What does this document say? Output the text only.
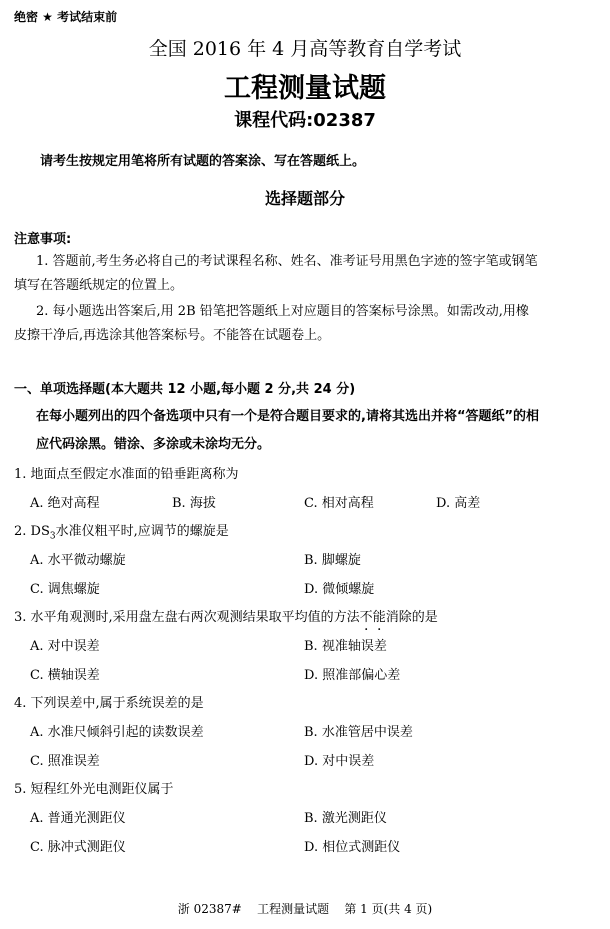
绝密 ★ 考试结束前
全国 2016 年 4 月高等教育自学考试
工程测量试题
课程代码:02387
请考生按规定用笔将所有试题的答案涂、写在答题纸上。
选择题部分
注意事项:
1. 答题前,考生务必将自己的考试课程名称、姓名、准考证号用黑色字迹的签字笔或钢笔
填写在答题纸规定的位置上。
2. 每小题选出答案后,用 2B 铅笔把答题纸上对应题目的答案标号涂黑。如需改动,用橡
皮擦干净后,再选涂其他答案标号。不能答在试题卷上。
一、单项选择题(本大题共 12 小题,每小题 2 分,共 24 分)
在每小题列出的四个备选项中只有一个是符合题目要求的,请将其选出并将“答题纸”的相
应代码涂黑。错涂、多涂或未涂均无分。
1. 地面点至假定水准面的铅垂距离称为
A. 绝对高程	B. 海拔	C. 相对高程	D. 高差
2. $DS_3$水准仪粗平时,应调节的螺旋是
A. 水平微动螺旋	B. 脚螺旋
C. 调焦螺旋	D. 微倾螺旋
3. 水平角观测时,采用盘左盘右两次观测结果取平均值的方法不能消除的是
A. 对中误差	B. 视准轴误差
C. 横轴误差	D. 照准部偏心差
4. 下列误差中,属于系统误差的是
A. 水准尺倾斜引起的读数误差	B. 水准管居中误差
C. 照准误差	D. 对中误差
5. 短程红外光电测距仪属于
A. 普通光测距仪	B. 激光测距仪
C. 脉冲式测距仪	D. 相位式测距仪
浙 02387#    工程测量试题    第 1 页(共 4 页)
